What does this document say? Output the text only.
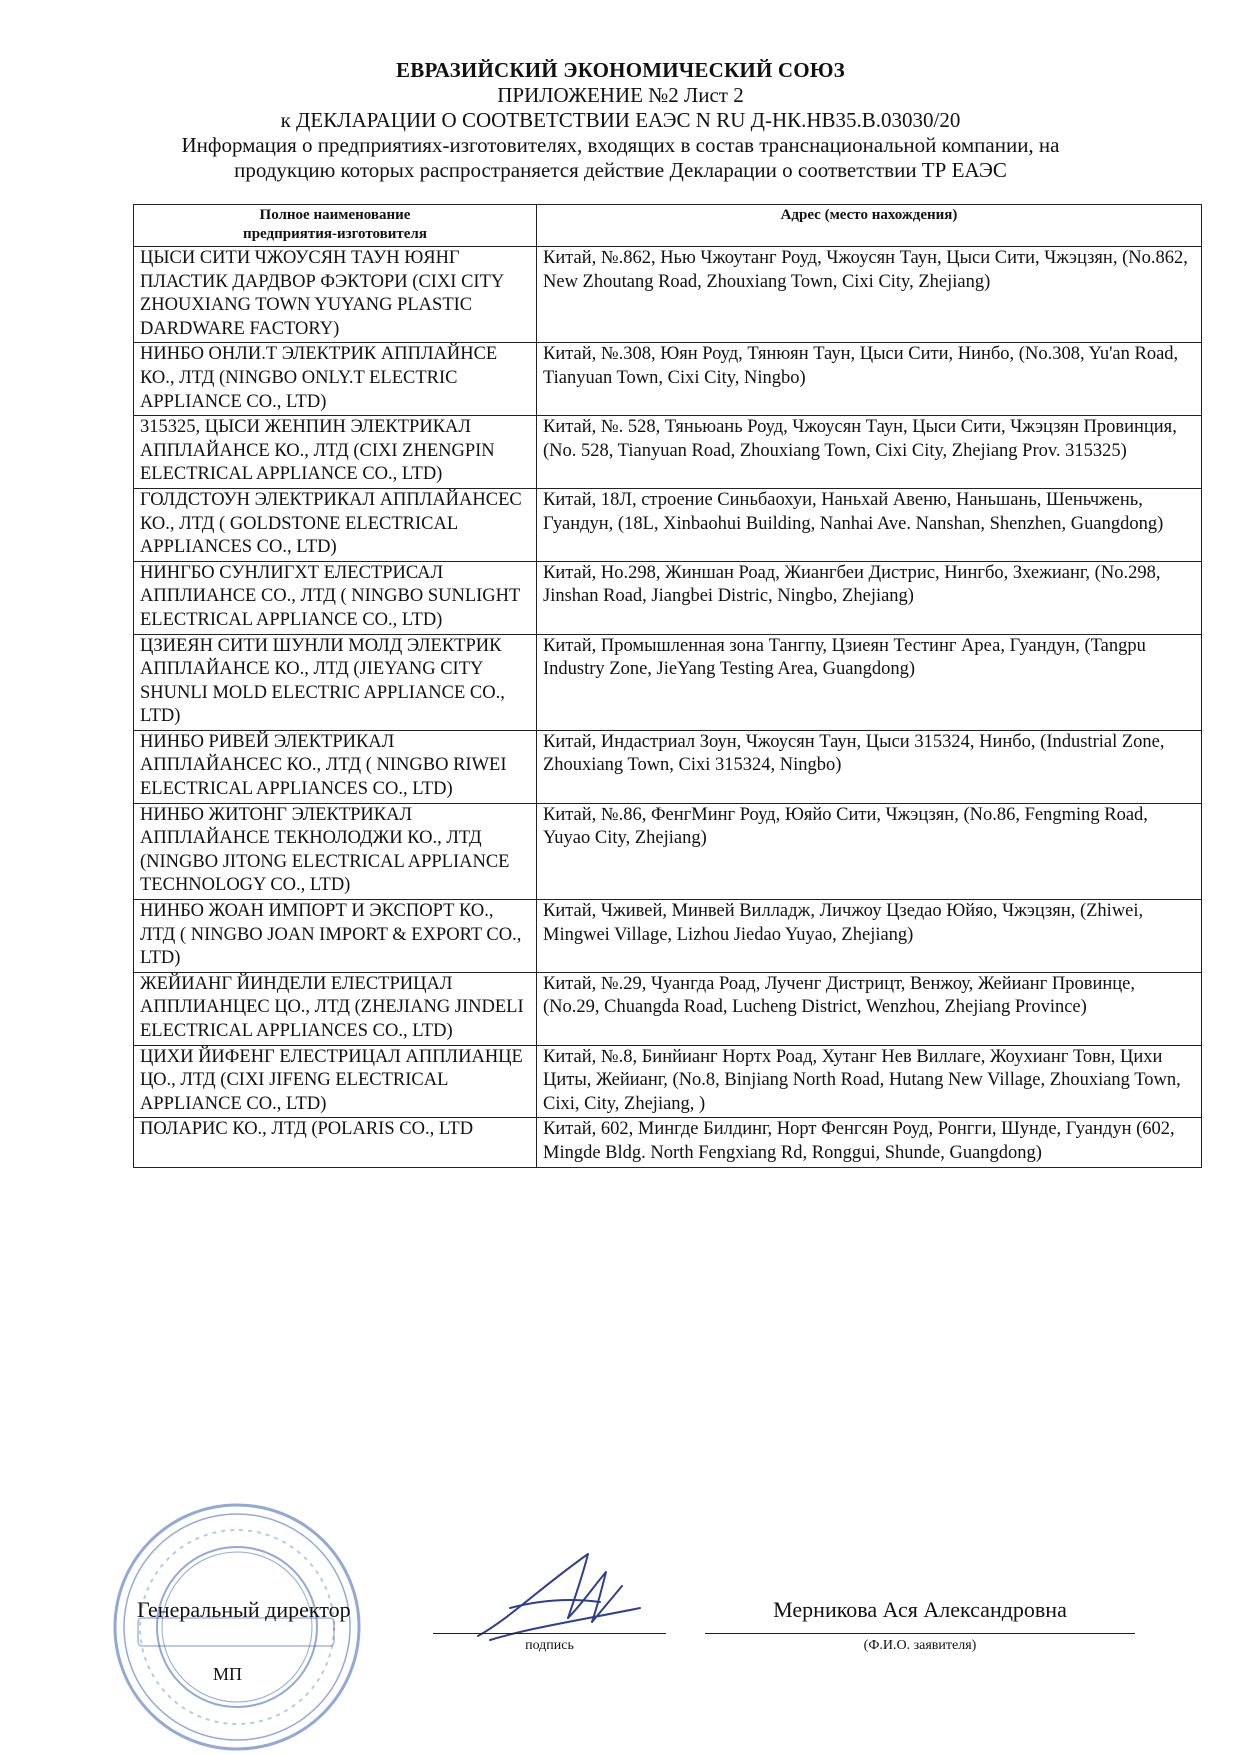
ЕВРАЗИЙСКИЙ ЭКОНОМИЧЕСКИЙ СОЮЗ
ПРИЛОЖЕНИЕ №2 Лист 2
к ДЕКЛАРАЦИИ О СООТВЕТСТВИИ ЕАЭС N RU Д-НК.НВ35.В.03030/20
Информация о предприятиях-изготовителях, входящих в состав транснациональной компании, на
продукцию которых распространяется действие Декларации о соответствии ТР ЕАЭС
Полное наименование
предприятия-изготовителя	Адрес (место нахождения)
ЦЫСИ СИТИ ЧЖОУСЯН ТАУН ЮЯНГ ПЛАСТИК ДАРДВОР ФЭКТОРИ (CIXI CITY ZHOUXIANG TOWN YUYANG PLASTIC DARDWARE FACTORY)	Китай, №.862, Нью Чжоутанг Роуд, Чжоусян Таун, Цыси Сити, Чжэцзян, (No.862, New Zhoutang Road, Zhouxiang Town, Cixi City, Zhejiang)
НИНБО ОНЛИ.Т ЭЛЕКТРИК АППЛАЙНСЕ КО., ЛТД (NINGBO ONLY.T ELECTRIC APPLIANCE CO., LTD)	Китай, №.308, Юян Роуд, Тянюян Таун, Цыси Сити, Нинбо, (No.308, Yu'an Road, Tianyuan Town, Cixi City, Ningbo)
315325, ЦЫСИ ЖЕНПИН ЭЛЕКТРИКАЛ АППЛАЙАНСЕ КО., ЛТД (CIXI ZHENGPIN ELECTRICAL APPLIANCE CO., LTD)	Китай, №. 528, Тяньюань Роуд, Чжоусян Таун, Цыси Сити, Чжэцзян Провинция, (No. 528, Tianyuan Road, Zhouxiang Town, Cixi City, Zhejiang Prov. 315325)
ГОЛДСТОУН ЭЛЕКТРИКАЛ АППЛАЙАНСЕС КО., ЛТД ( GOLDSTONE ELECTRICAL APPLIANCES CO., LTD)	Китай, 18Л, строение Синьбаохуи, Наньхай Авеню, Наньшань, Шеньчжень, Гуандун, (18L, Xinbaohui Building, Nanhai Ave. Nanshan, Shenzhen, Guangdong)
НИНГБО СУНЛИГХТ ЕЛЕСТРИСАЛ АППЛИАНСЕ СО., ЛТД ( NINGBO SUNLIGHT ELECTRICAL APPLIANCE CO., LTD)	Китай, Но.298, Жиншан Роад, Жиангбеи Дистрис, Нингбо, Зхежианг, (No.298, Jinshan Road, Jiangbei Distric, Ningbo, Zhejiang)
ЦЗИЕЯН СИТИ ШУНЛИ МОЛД ЭЛЕКТРИК АППЛАЙАНСЕ КО., ЛТД (JIEYANG CITY SHUNLI MOLD ELECTRIC APPLIANCE CO., LTD)	Китай, Промышленная зона Тангпу, Цзиеян Тестинг Ареа, Гуандун, (Tangpu Industry Zone, JieYang Testing Area, Guangdong)
НИНБО РИВЕЙ ЭЛЕКТРИКАЛ АППЛАЙАНСЕС КО., ЛТД ( NINGBO RIWEI ELECTRICAL APPLIANCES CO., LTD)	Китай, Индастриал Зоун, Чжоусян Таун, Цыси 315324, Нинбо, (Industrial Zone, Zhouxiang Town, Cixi 315324, Ningbo)
НИНБО ЖИТОНГ ЭЛЕКТРИКАЛ АППЛАЙАНСЕ ТЕКНОЛОДЖИ КО., ЛТД (NINGBO JITONG ELECTRICAL APPLIANCE TECHNOLOGY CO., LTD)	Китай, №.86, ФенгМинг Роуд, Юяйо Сити, Чжэцзян, (No.86, Fengming Road, Yuyao City, Zhejiang)
НИНБО ЖОАН ИМПОРТ И ЭКСПОРТ КО., ЛТД ( NINGBO JOAN IMPORT & EXPORT CO., LTD)	Китай, Чживей, Минвей Вилладж, Личжоу Цзедао Юйяо, Чжэцзян, (Zhiwei, Mingwei Village, Lizhou Jiedao Yuyao, Zhejiang)
ЖЕЙИАНГ ЙИНДЕЛИ ЕЛЕСТРИЦАЛ АППЛИАНЦЕС ЦО., ЛТД (ZHEJIANG JINDELI ELECTRICAL APPLIANCES CO., LTD)	Китай, №.29, Чуангда Роад, Лученг Дистрицт, Венжоу, Жейианг Провинце, (No.29, Chuangda Road, Lucheng District, Wenzhou, Zhejiang Province)
ЦИХИ ЙИФЕНГ ЕЛЕСТРИЦАЛ АППЛИАНЦЕ ЦО., ЛТД (CIXI JIFENG ELECTRICAL APPLIANCE CO., LTD)	Китай, №.8, Бинйианг Нортх Роад, Хутанг Нев Виллаге, Жоухианг Товн, Цихи Циты, Жейианг, (No.8, Binjiang North Road, Hutang New Village, Zhouxiang Town, Cixi, City, Zhejiang, )
ПОЛАРИС КО., ЛТД (POLARIS CO., LTD	Китай, 602, Мингде Билдинг, Норт Фенгсян Роуд, Ронгги, Шунде, Гуандун (602, Mingde Bldg. North Fengxiang Rd, Ronggui, Shunde, Guangdong)
Генеральный директор
МП
подпись
Мерникова Ася Александровна
(Ф.И.О. заявителя)
